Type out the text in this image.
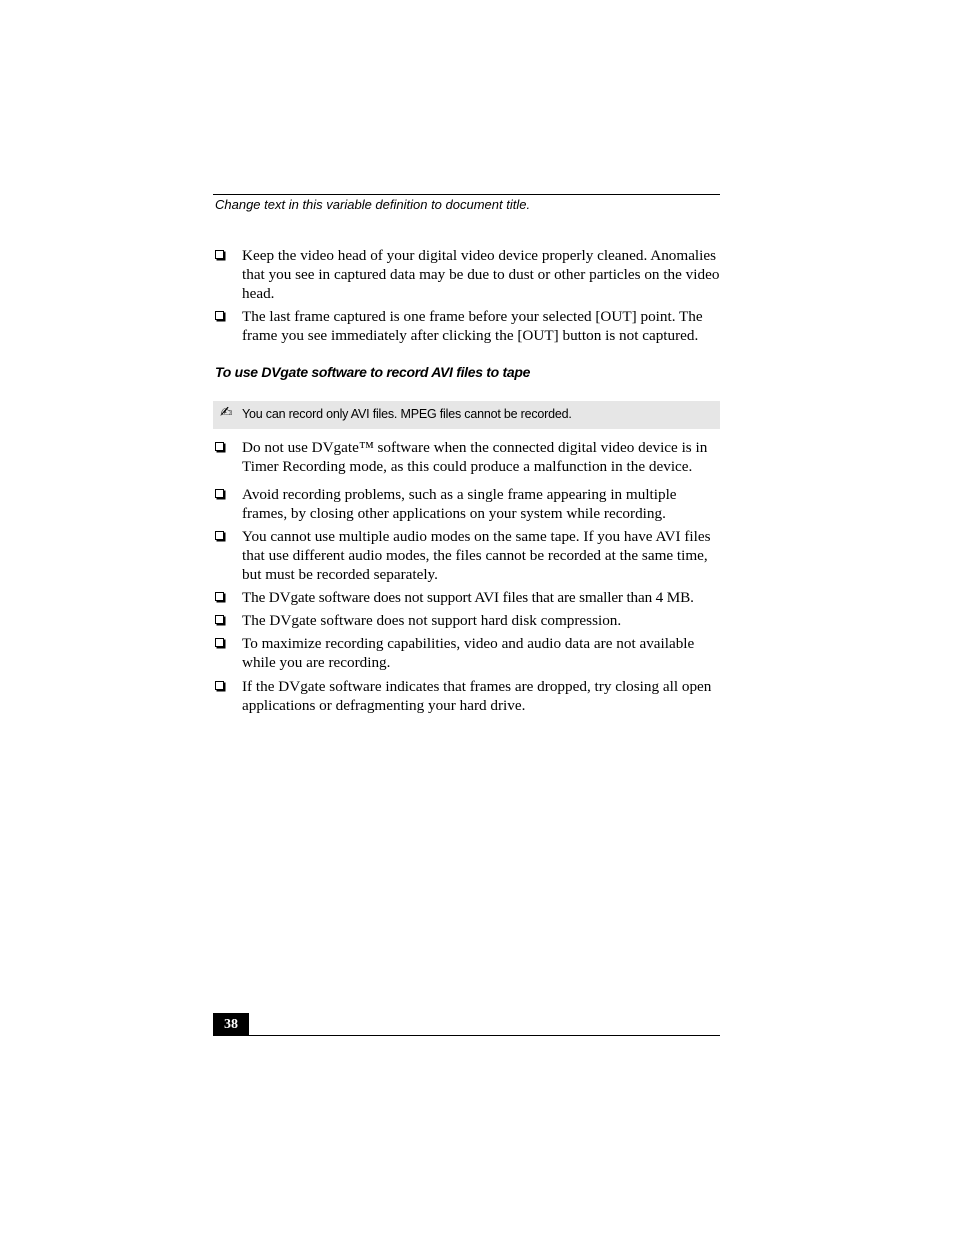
Change text in this variable definition to document title.
Keep the video head of your digital video device properly cleaned. Anomalies that you see in captured data may be due to dust or other particles on the video head.
The last frame captured is one frame before your selected [OUT] point. The frame you see immediately after clicking the [OUT] button is not captured.
To use DVgate software to record AVI files to tape
✍ You can record only AVI files. MPEG files cannot be recorded.
Do not use DVgate™ software when the connected digital video device is in Timer Recording mode, as this could produce a malfunction in the device.
Avoid recording problems, such as a single frame appearing in multiple frames, by closing other applications on your system while recording.
You cannot use multiple audio modes on the same tape. If you have AVI files that use different audio modes, the files cannot be recorded at the same time, but must be recorded separately.
The DVgate software does not support AVI files that are smaller than 4 MB.
The DVgate software does not support hard disk compression.
To maximize recording capabilities, video and audio data are not available while you are recording.
If the DVgate software indicates that frames are dropped, try closing all open applications or defragmenting your hard drive.
38
